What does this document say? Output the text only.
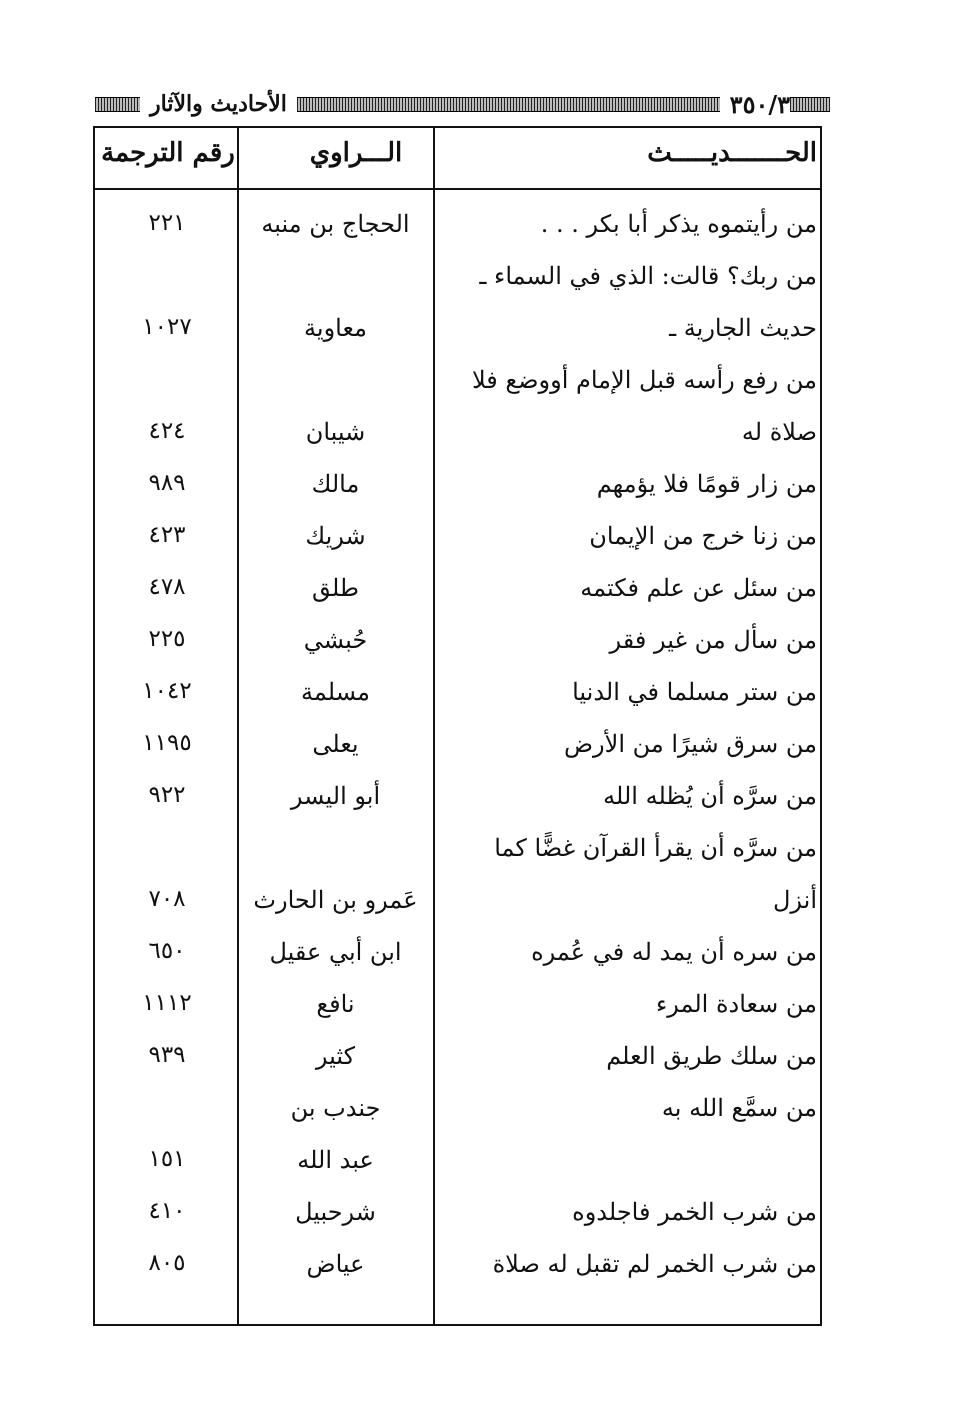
٣٥٠/٣
الأحاديث والآثار
الحـــــــديـــــث
الـــراوي
رقم الترجمة
من رأيتموه يذكر أبا بكر . . .
الحجاج بن منبه
٢٢١
من ربك؟ قالت: الذي في السماء ـ
حديث الجارية ـ
معاوية
١٠٢٧
من رفع رأسه قبل الإمام أووضع فلا
صلاة له
شيبان
٤٢٤
من زار قومًا فلا يؤمهم
مالك
٩٨٩
من زنا خرج من الإيمان
شريك
٤٢٣
من سئل عن علم فكتمه
طلق
٤٧٨
من سأل من غير فقر
حُبشي
٢٢٥
من ستر مسلما في الدنيا
مسلمة
١٠٤٢
من سرق شيرًا من الأرض
يعلى
١١٩٥
من سرَّه أن يُظله الله
أبو اليسر
٩٢٢
من سرَّه أن يقرأ القرآن غضًّا كما
أنزل
عَمرو بن الحارث
٧٠٨
من سره أن يمد له في عُمره
ابن أبي عقيل
٦٥٠
من سعادة المرء
نافع
١١١٢
من سلك طريق العلم
كثير
٩٣٩
من سمَّع الله به
جندب بن
عبد الله
١٥١
من شرب الخمر فاجلدوه
شرحبيل
٤١٠
من شرب الخمر لم تقبل له صلاة
عياض
٨٠٥
